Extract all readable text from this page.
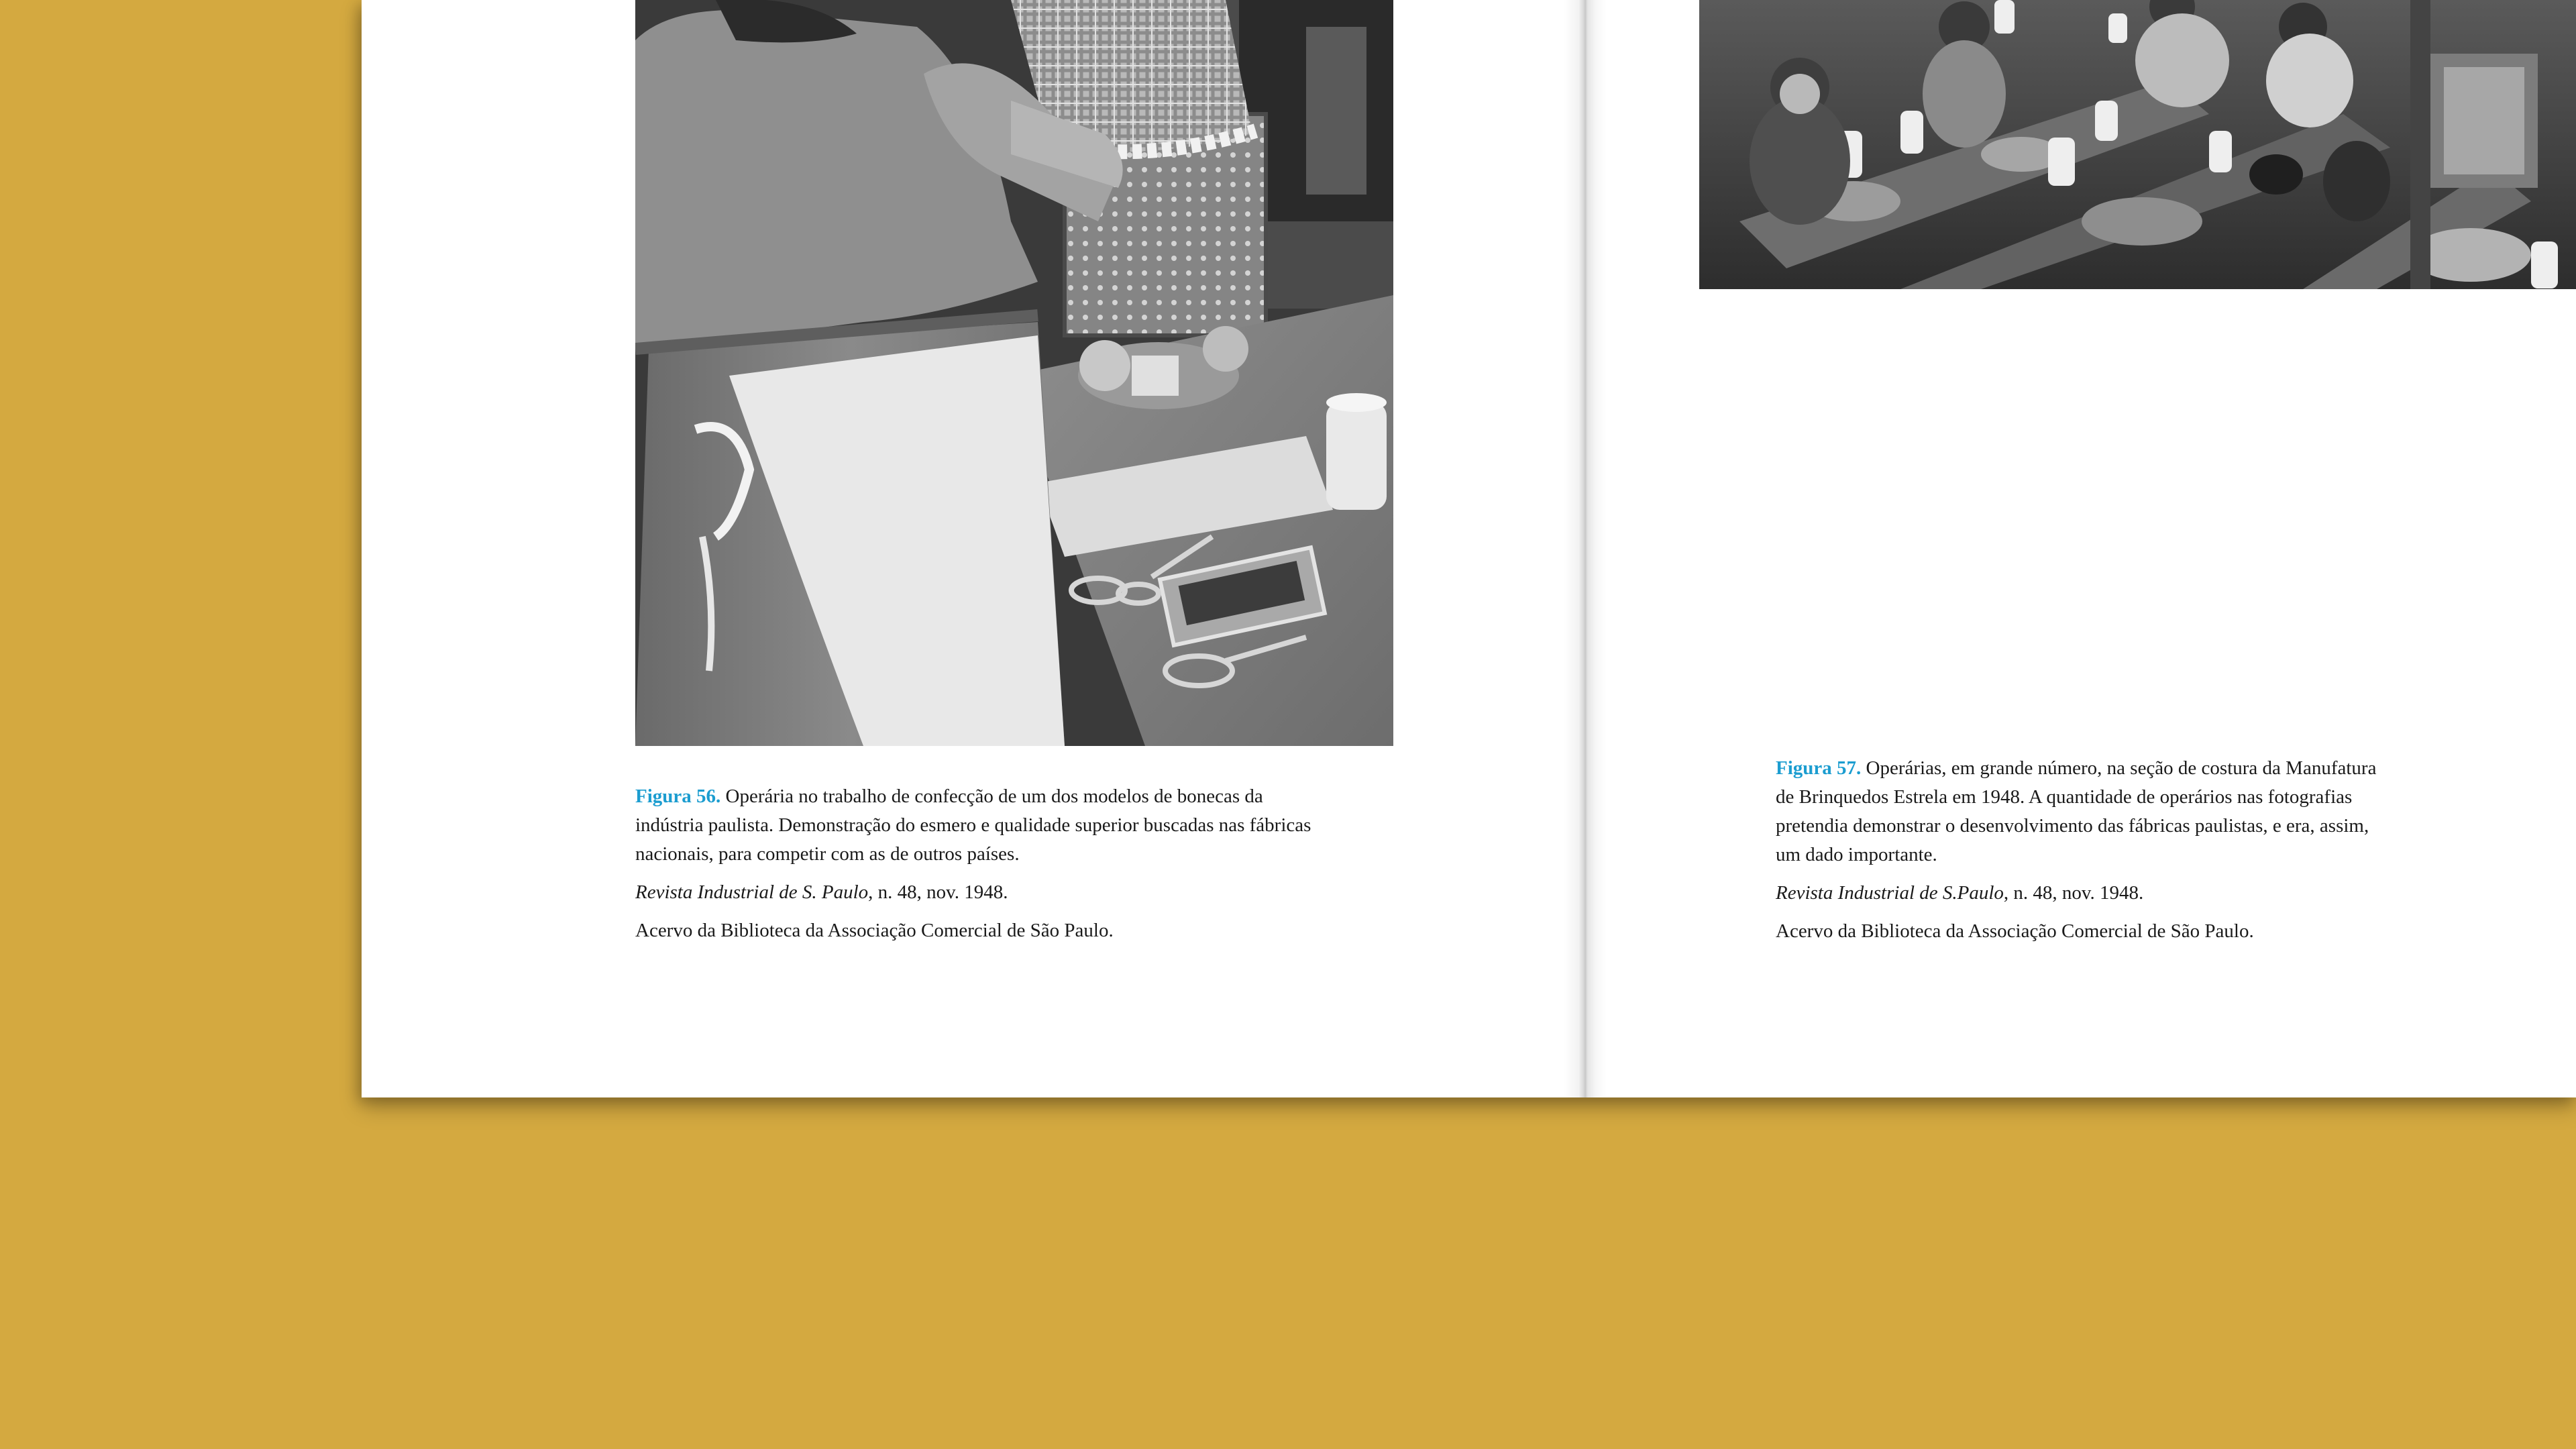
Figura 56. Operária no trabalho de confecção de um dos modelos de bonecas da indústria paulista. Demonstração do esmero e qualidade superior buscadas nas fábricas nacionais, para competir com as de outros países.

Revista Industrial de S. Paulo, n. 48, nov. 1948.

Acervo da Biblioteca da Associação Comercial de São Paulo.

Figura 57. Operárias, em grande número, na seção de costura da Manufatura de Brinquedos Estrela em 1948. A quantidade de operários nas fotografias pretendia demonstrar o desenvolvimento das fábricas paulistas, e era, assim, um dado importante.

Revista Industrial de S.Paulo, n. 48, nov. 1948.

Acervo da Biblioteca da Associação Comercial de São Paulo.
